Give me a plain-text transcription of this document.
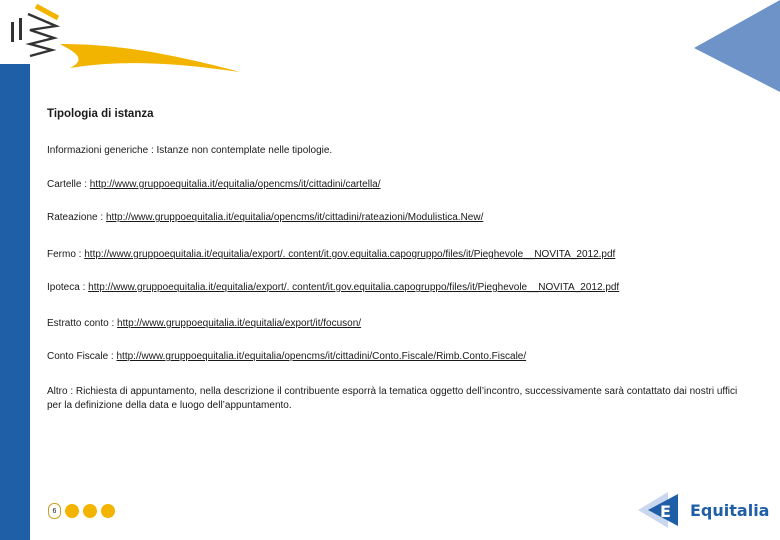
Tipologia di istanza
Informazioni generiche : Istanze non contemplate nelle tipologie.
Cartelle : http://www.gruppoequitalia.it/equitalia/opencms/it/cittadini/cartella/
Rateazione : http://www.gruppoequitalia.it/equitalia/opencms/it/cittadini/rateazioni/Modulistica.New/
Fermo : http://www.gruppoequitalia.it/equitalia/export/. content/it.gov.equitalia.capogruppo/files/it/Pieghevole__NOVITA_2012.pdf
Ipoteca : http://www.gruppoequitalia.it/equitalia/export/. content/it.gov.equitalia.capogruppo/files/it/Pieghevole__NOVITA_2012.pdf
Estratto conto : http://www.gruppoequitalia.it/equitalia/export/it/focuson/
Conto Fiscale : http://www.gruppoequitalia.it/equitalia/opencms/it/cittadini/Conto.Fiscale/Rimb.Conto.Fiscale/
Altro : Richiesta di appuntamento, nella descrizione il contribuente esporrà la tematica oggetto dell’incontro, successivamente sarà contattato dai nostri uffici per la definizione della data e luogo dell’appuntamento.
6	E Equitalia
